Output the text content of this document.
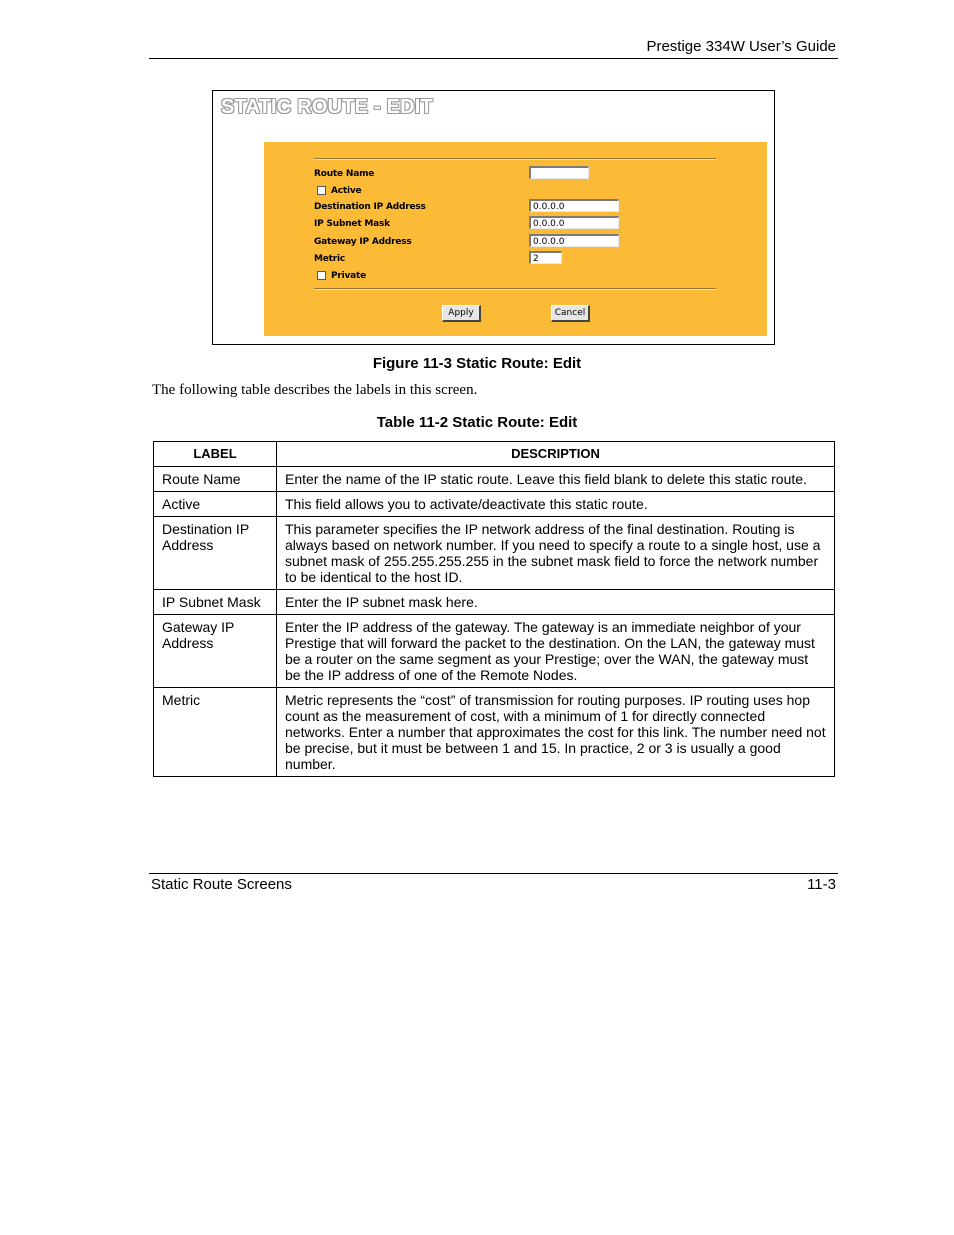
Prestige 334W User’s Guide
STATIC ROUTE - EDIT
Route Name
Active
Destination IP Address	0.0.0.0
IP Subnet Mask	0.0.0.0
Gateway IP Address	0.0.0.0
Metric	2
Private
Apply	Cancel
Figure 11-3 Static Route: Edit
The following table describes the labels in this screen.
Table 11-2 Static Route: Edit
LABEL	DESCRIPTION
Route Name	Enter the name of the IP static route. Leave this field blank to delete this static route.
Active	This field allows you to activate/deactivate this static route.
Destination IP Address	This parameter specifies the IP network address of the final destination. Routing is always based on network number. If you need to specify a route to a single host, use a subnet mask of 255.255.255.255 in the subnet mask field to force the network number to be identical to the host ID.
IP Subnet Mask	Enter the IP subnet mask here.
Gateway IP Address	Enter the IP address of the gateway. The gateway is an immediate neighbor of your Prestige that will forward the packet to the destination. On the LAN, the gateway must be a router on the same segment as your Prestige; over the WAN, the gateway must be the IP address of one of the Remote Nodes.
Metric	Metric represents the “cost” of transmission for routing purposes. IP routing uses hop count as the measurement of cost, with a minimum of 1 for directly connected networks. Enter a number that approximates the cost for this link. The number need not be precise, but it must be between 1 and 15. In practice, 2 or 3 is usually a good number.
Static Route Screens	11-3
